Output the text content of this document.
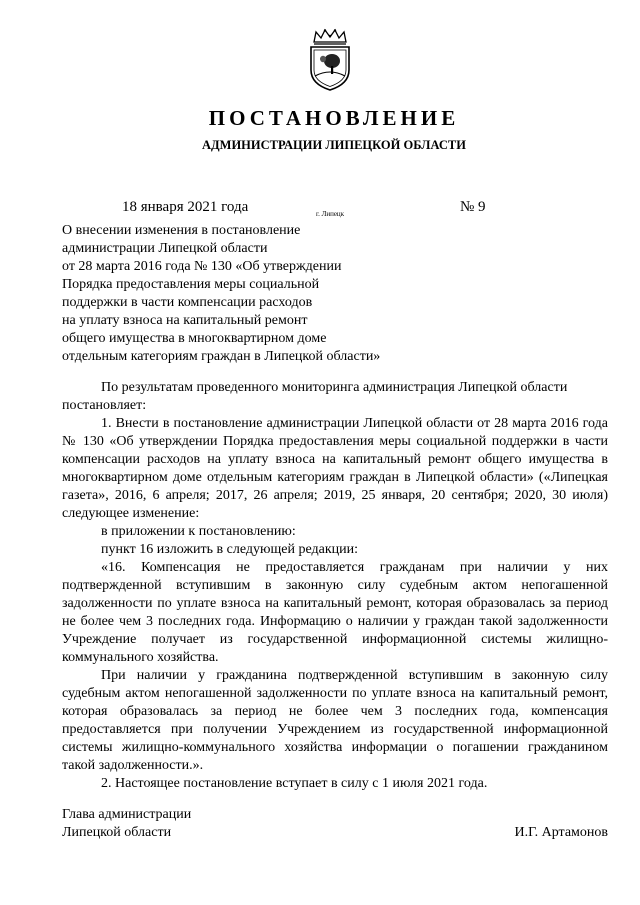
ПОСТАНОВЛЕНИЕ
АДМИНИСТРАЦИИ ЛИПЕЦКОЙ ОБЛАСТИ
18 января 2021 года	г. Липецк	№ 9
О внесении изменения в постановление
администрации Липецкой области
от 28 марта 2016 года № 130 «Об утверждении
Порядка предоставления меры социальной
поддержки в части компенсации расходов
на уплату взноса на капитальный ремонт
общего имущества в многоквартирном доме
отдельным категориям граждан в Липецкой области»

По результатам проведенного мониторинга администрация Липецкой области

постановляет:

1. Внести в постановление администрации Липецкой области от 28 марта 2016 года № 130 «Об утверждении Порядка предоставления меры социальной поддержки в части компенсации расходов на уплату взноса на капитальный ремонт общего имущества в многоквартирном доме отдельным категориям граждан в Липецкой области» («Липецкая газета», 2016, 6 апреля; 2017, 26 апреля; 2019, 25 января, 20 сентября; 2020, 30 июля) следующее изменение:

в приложении к постановлению:

пункт 16 изложить в следующей редакции:

«16. Компенсация не предоставляется гражданам при наличии у них подтвержденной вступившим в законную силу судебным актом непогашенной задолженности по уплате взноса на капитальный ремонт, которая образовалась за период не более чем 3 последних года. Информацию о наличии у граждан такой задолженности Учреждение получает из государственной информационной системы жилищно-коммунального хозяйства.

При наличии у гражданина подтвержденной вступившим в законную силу судебным актом непогашенной задолженности по уплате взноса на капитальный ремонт, которая образовалась за период не более чем 3 последних года, компенсация предоставляется при получении Учреждением из государственной информационной системы жилищно-коммунального хозяйства информации о погашении гражданином такой задолженности.».

2. Настоящее постановление вступает в силу с 1 июля 2021 года.

Глава администрации
Липецкой области	И.Г. Артамонов
